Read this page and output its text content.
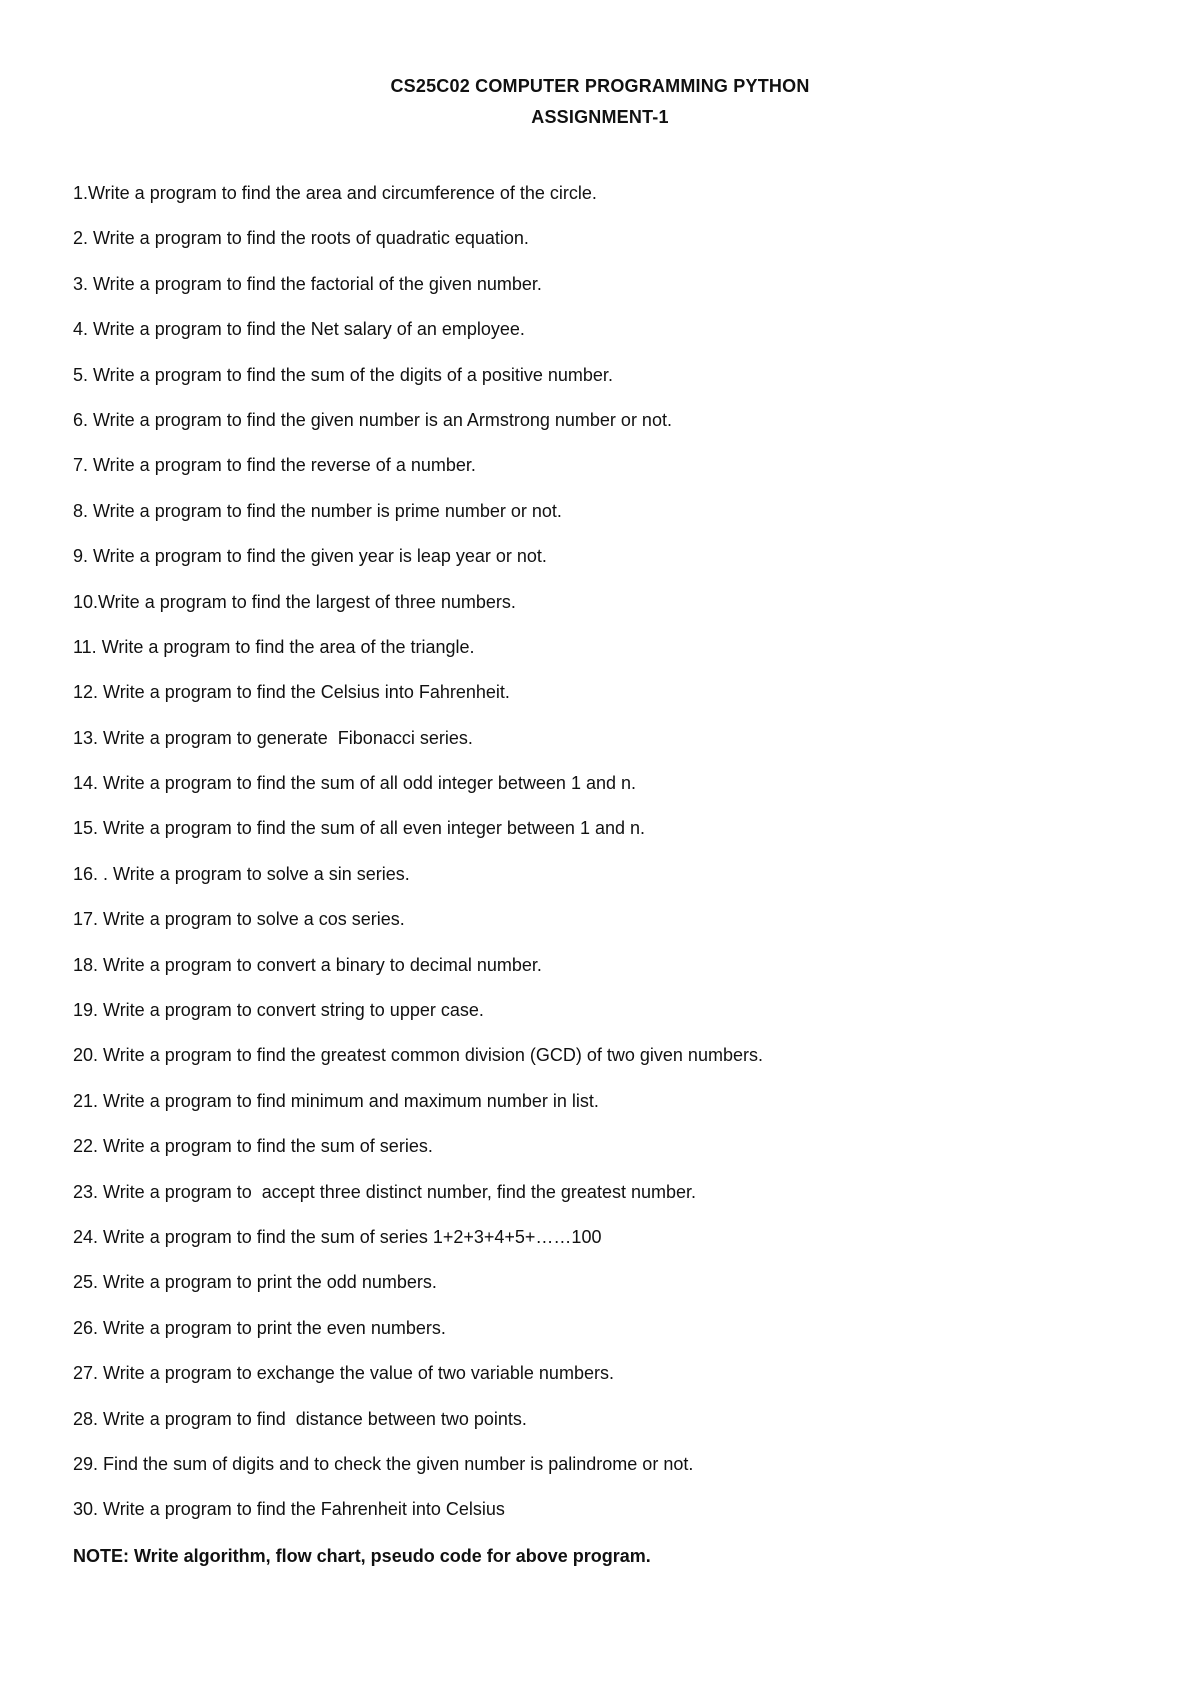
CS25C02 COMPUTER PROGRAMMING PYTHON
ASSIGNMENT-1
1.Write a program to find the area and circumference of the circle.
2. Write a program to find the roots of quadratic equation.
3. Write a program to find the factorial of the given number.
4. Write a program to find the Net salary of an employee.
5. Write a program to find the sum of the digits of a positive number.
6. Write a program to find the given number is an Armstrong number or not.
7. Write a program to find the reverse of a number.
8. Write a program to find the number is prime number or not.
9. Write a program to find the given year is leap year or not.
10.Write a program to find the largest of three numbers.
11. Write a program to find the area of the triangle.
12. Write a program to find the Celsius into Fahrenheit.
13. Write a program to generate  Fibonacci series.
14. Write a program to find the sum of all odd integer between 1 and n.
15. Write a program to find the sum of all even integer between 1 and n.
16. . Write a program to solve a sin series.
17. Write a program to solve a cos series.
18. Write a program to convert a binary to decimal number.
19. Write a program to convert string to upper case.
20. Write a program to find the greatest common division (GCD) of two given numbers.
21. Write a program to find minimum and maximum number in list.
22. Write a program to find the sum of series.
23. Write a program to  accept three distinct number, find the greatest number.
24. Write a program to find the sum of series 1+2+3+4+5+……100
25. Write a program to print the odd numbers.
26. Write a program to print the even numbers.
27. Write a program to exchange the value of two variable numbers.
28. Write a program to find  distance between two points.
29. Find the sum of digits and to check the given number is palindrome or not.
30. Write a program to find the Fahrenheit into Celsius
NOTE: Write algorithm, flow chart, pseudo code for above program.
